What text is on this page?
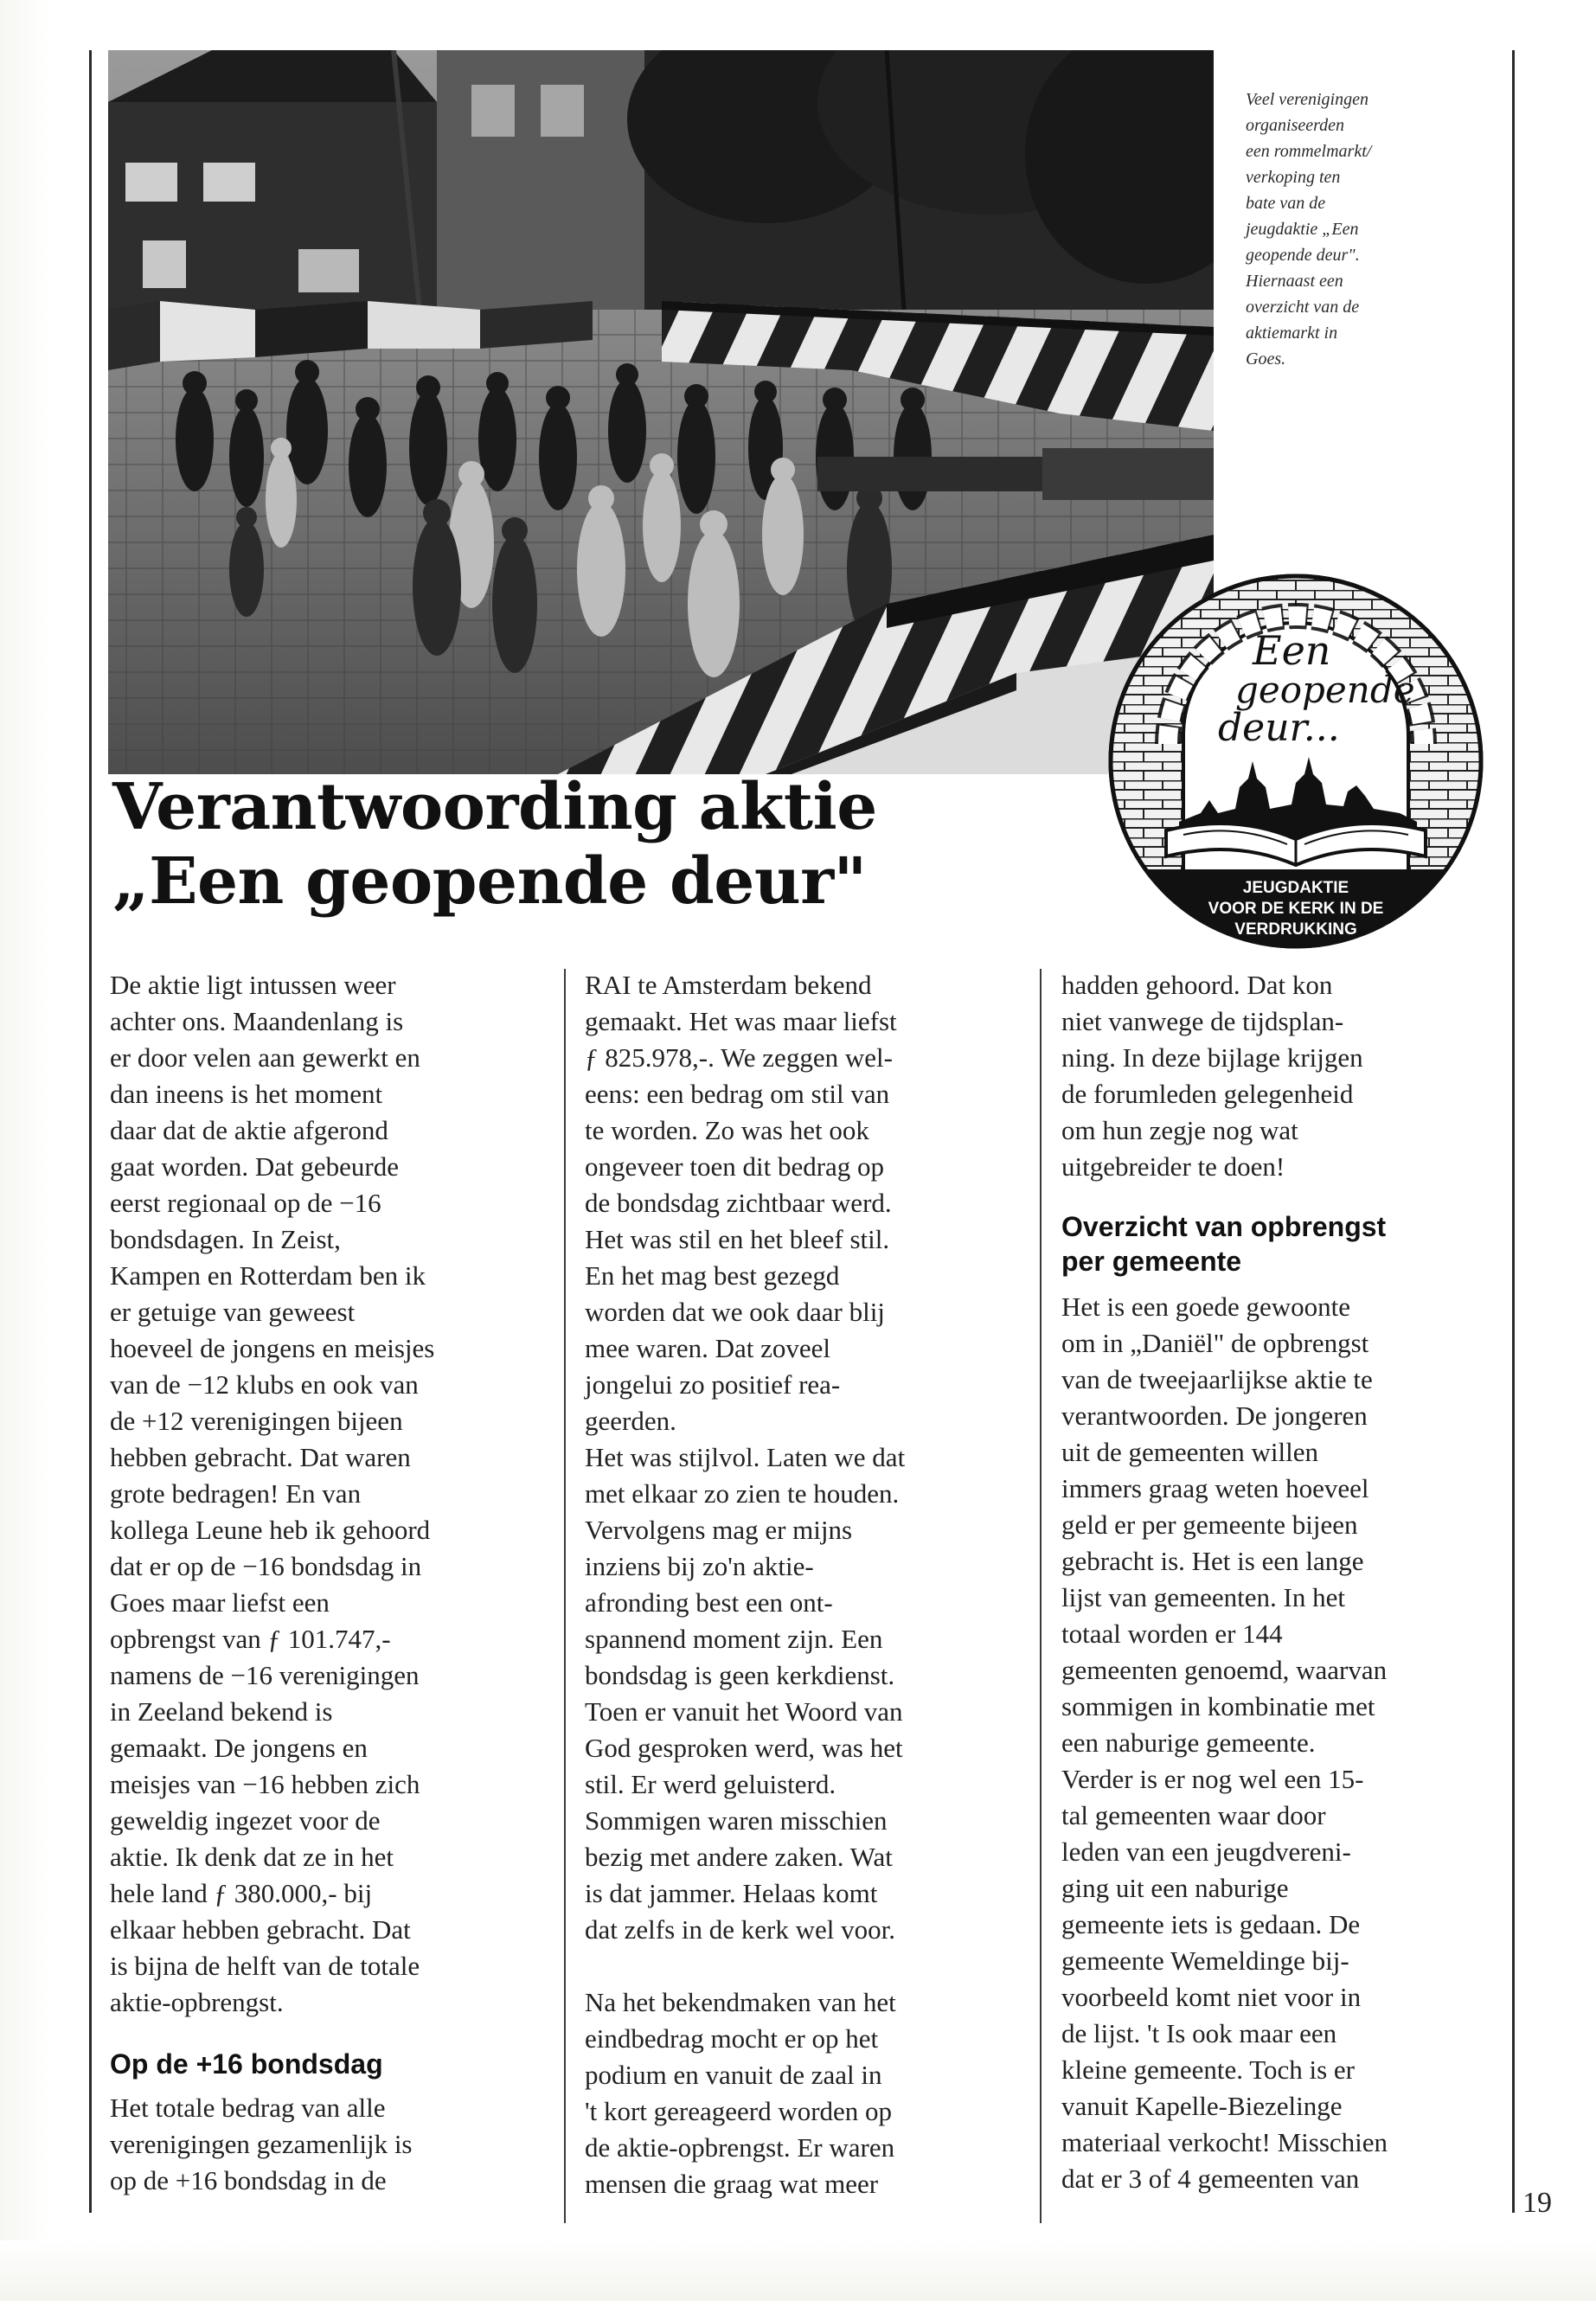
Veel verenigingen
organiseerden
een rommelmarkt/
verkoping ten
bate van de
jeugdaktie „Een
geopende deur".
Hiernaast een
overzicht van de
aktiemarkt in
Goes.
Een
geopende
deur...
JEUGDAKTIE
VOOR DE KERK IN DE
VERDRUKKING
Verantwoording aktie
„Een geopende deur"

De aktie ligt intussen weer
achter ons. Maandenlang is
er door velen aan gewerkt en
dan ineens is het moment
daar dat de aktie afgerond
gaat worden. Dat gebeurde
eerst regionaal op de −16
bondsdagen. In Zeist,
Kampen en Rotterdam ben ik
er getuige van geweest
hoeveel de jongens en meisjes
van de −12 klubs en ook van
de +12 verenigingen bijeen
hebben gebracht. Dat waren
grote bedragen! En van
kollega Leune heb ik gehoord
dat er op de −16 bondsdag in
Goes maar liefst een
opbrengst van ƒ 101.747,-
namens de −16 verenigingen
in Zeeland bekend is
gemaakt. De jongens en
meisjes van −16 hebben zich
geweldig ingezet voor de
aktie. Ik denk dat ze in het
hele land ƒ 380.000,- bij
elkaar hebben gebracht. Dat
is bijna de helft van de totale
aktie-opbrengst.

Op de +16 bondsdag

Het totale bedrag van alle
verenigingen gezamenlijk is
op de +16 bondsdag in de

RAI te Amsterdam bekend
gemaakt. Het was maar liefst
ƒ 825.978,-. We zeggen wel-
eens: een bedrag om stil van
te worden. Zo was het ook
ongeveer toen dit bedrag op
de bondsdag zichtbaar werd.
Het was stil en het bleef stil.
En het mag best gezegd
worden dat we ook daar blij
mee waren. Dat zoveel
jongelui zo positief rea-
geerden.
Het was stijlvol. Laten we dat
met elkaar zo zien te houden.
Vervolgens mag er mijns
inziens bij zo'n aktie-
afronding best een ont-
spannend moment zijn. Een
bondsdag is geen kerkdienst.
Toen er vanuit het Woord van
God gesproken werd, was het
stil. Er werd geluisterd.
Sommigen waren misschien
bezig met andere zaken. Wat
is dat jammer. Helaas komt
dat zelfs in de kerk wel voor.

Na het bekendmaken van het
eindbedrag mocht er op het
podium en vanuit de zaal in
't kort gereageerd worden op
de aktie-opbrengst. Er waren
mensen die graag wat meer

hadden gehoord. Dat kon
niet vanwege de tijdsplan-
ning. In deze bijlage krijgen
de forumleden gelegenheid
om hun zegje nog wat
uitgebreider te doen!

Overzicht van opbrengst
per gemeente

Het is een goede gewoonte
om in „Daniël" de opbrengst
van de tweejaarlijkse aktie te
verantwoorden. De jongeren
uit de gemeenten willen
immers graag weten hoeveel
geld er per gemeente bijeen
gebracht is. Het is een lange
lijst van gemeenten. In het
totaal worden er 144
gemeenten genoemd, waarvan
sommigen in kombinatie met
een naburige gemeente.
Verder is er nog wel een 15-
tal gemeenten waar door
leden van een jeugdvereni-
ging uit een naburige
gemeente iets is gedaan. De
gemeente Wemeldinge bij-
voorbeeld komt niet voor in
de lijst. 't Is ook maar een
kleine gemeente. Toch is er
vanuit Kapelle-Biezelinge
materiaal verkocht! Misschien
dat er 3 of 4 gemeenten van

19
